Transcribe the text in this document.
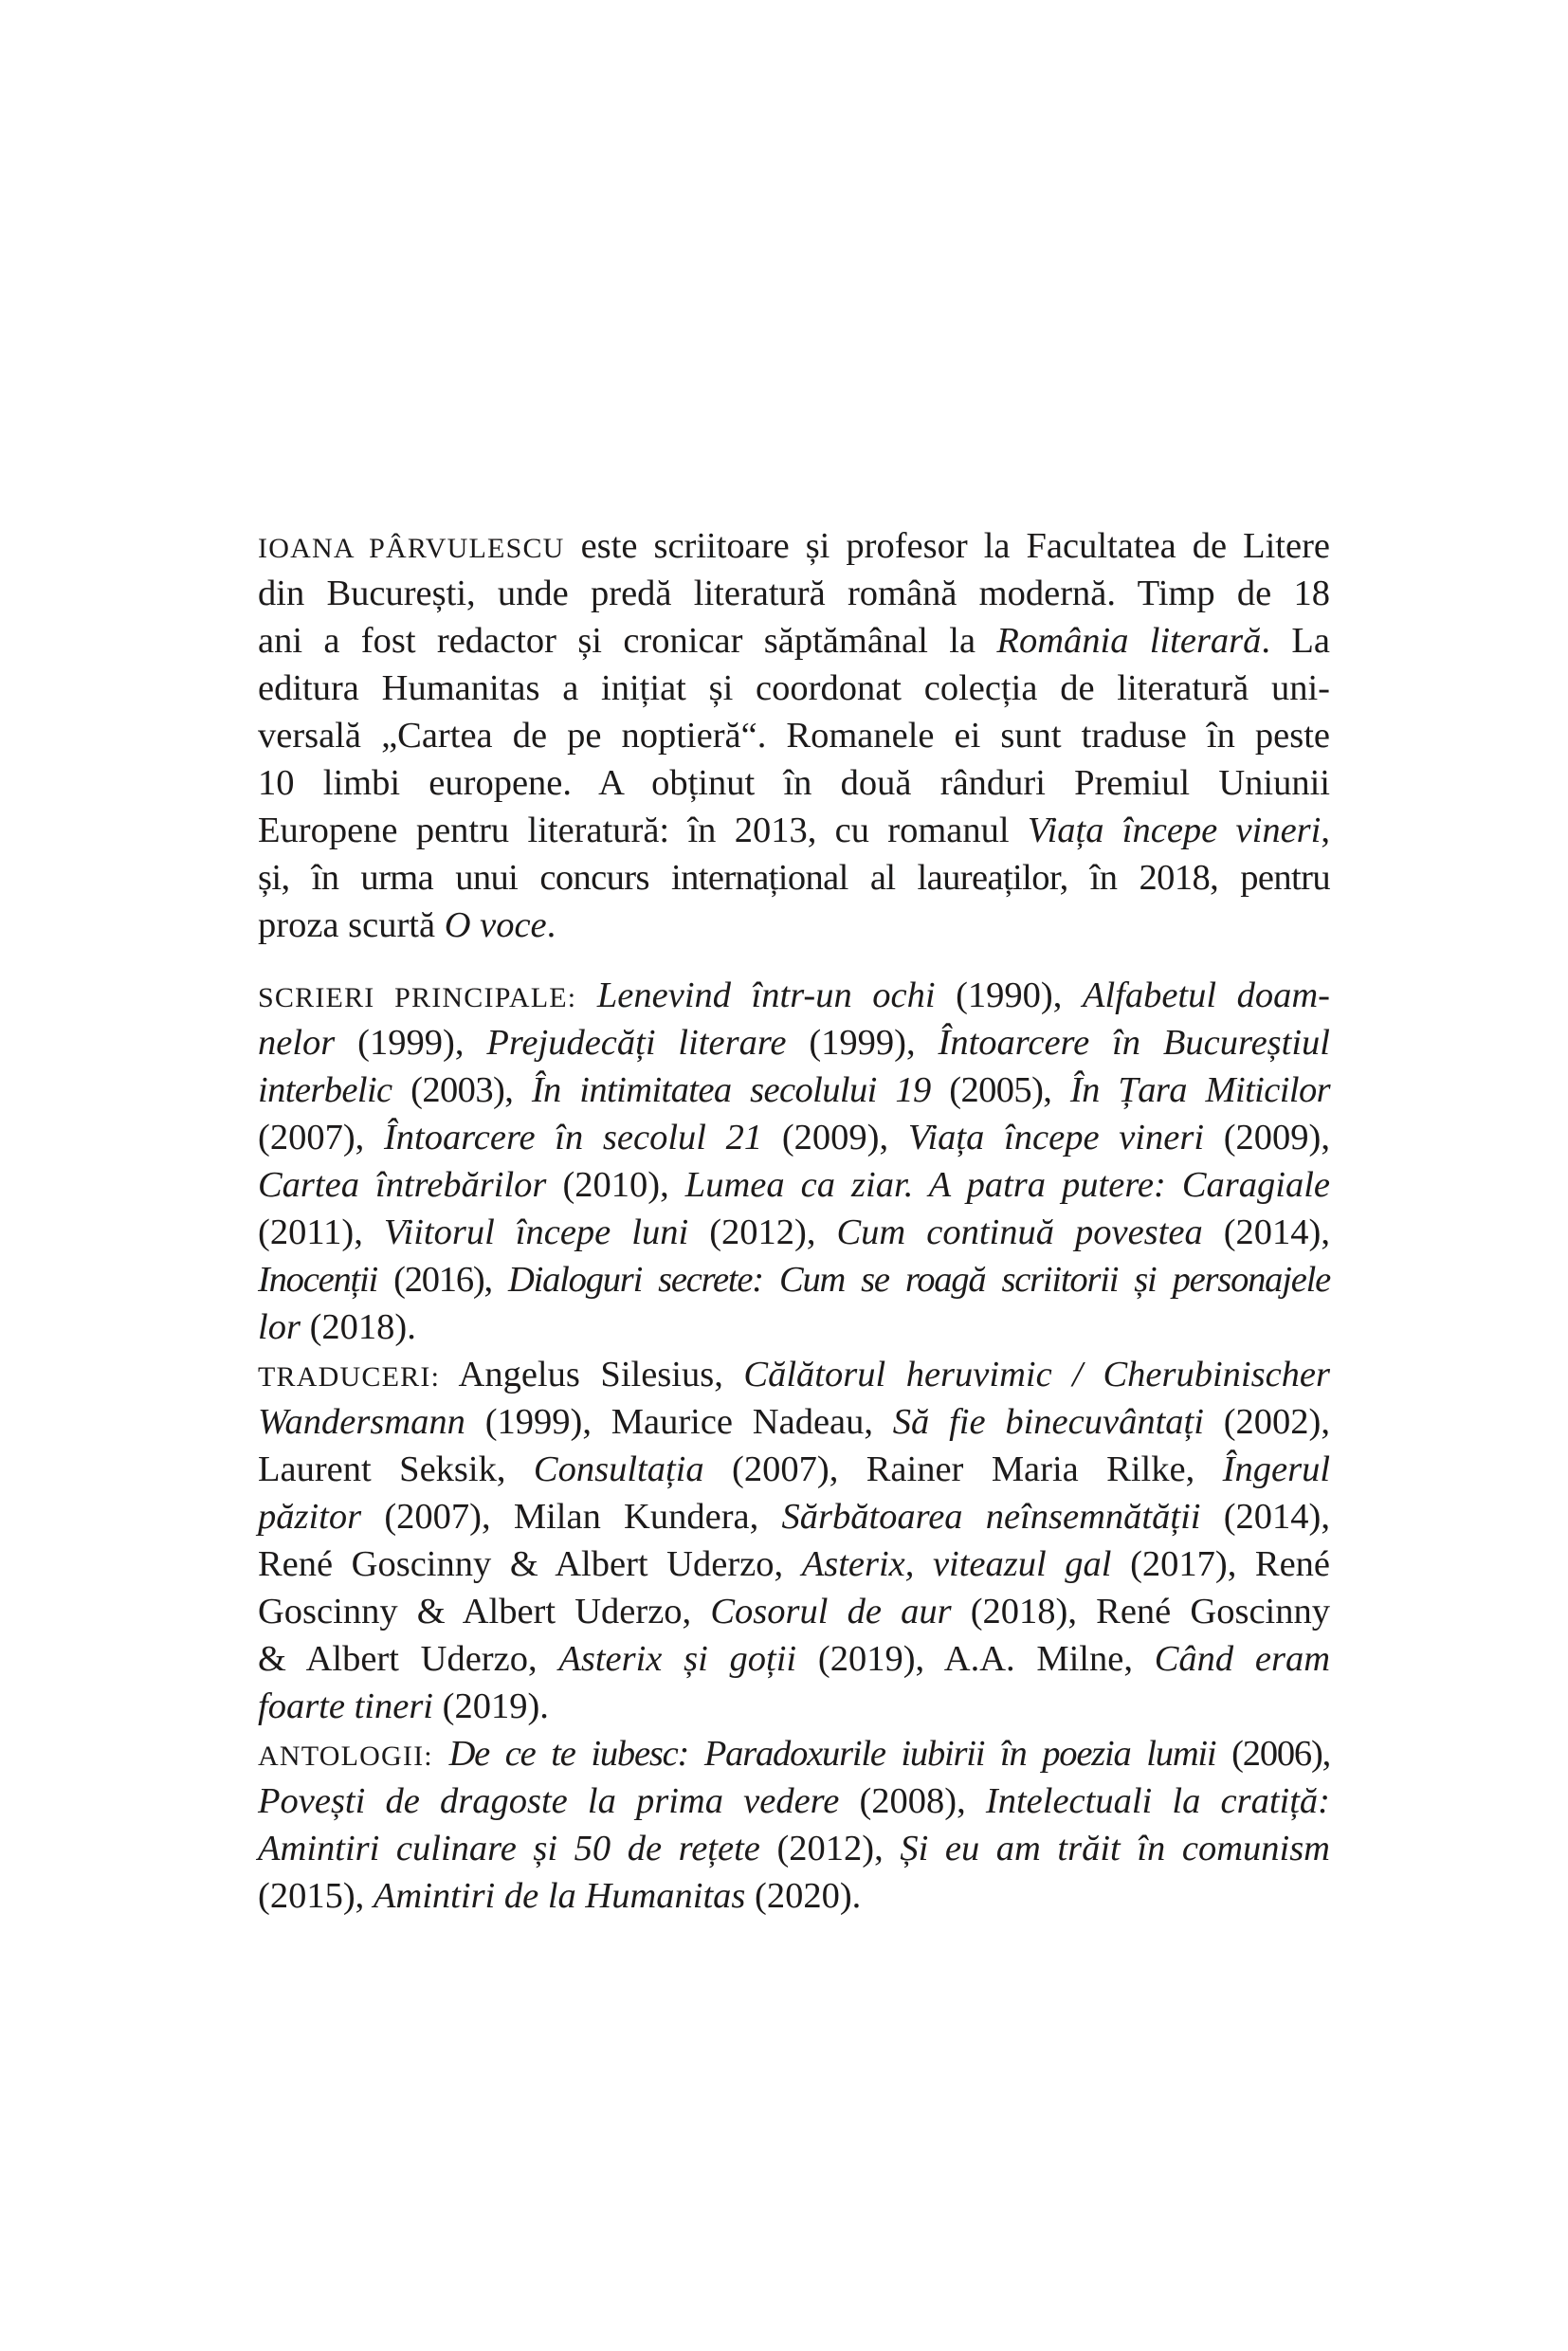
IOANA PÂRVULESCU este scriitoare și profesor la Facultatea de Litere
din București, unde predă literatură română modernă. Timp de 18
ani a fost redactor și cronicar săptămânal la România literară. La
editura Humanitas a inițiat și coordonat colecția de literatură uni-
versală „Cartea de pe noptieră“. Romanele ei sunt traduse în peste
10 limbi europene. A obținut în două rânduri Premiul Uniunii
Europene pentru literatură: în 2013, cu romanul Viața începe vineri,
și, în urma unui concurs internațional al laureaților, în 2018, pentru
proza scurtă O voce.
SCRIERI PRINCIPALE: Lenevind într-un ochi (1990), Alfabetul doam-
nelor (1999), Prejudecăți literare (1999), Întoarcere în Bucureștiul
interbelic (2003), În intimitatea secolului 19 (2005), În Țara Miticilor
(2007), Întoarcere în secolul 21 (2009), Viața începe vineri (2009),
Cartea întrebărilor (2010), Lumea ca ziar. A patra putere: Caragiale
(2011), Viitorul începe luni (2012), Cum continuă povestea (2014),
Inocenții (2016), Dialoguri secrete: Cum se roagă scriitorii și personajele
lor (2018).
TRADUCERI: Angelus Silesius, Călătorul heruvimic / Cherubinischer
Wandersmann (1999), Maurice Nadeau, Să fie binecuvântați (2002),
Laurent Seksik, Consultația (2007), Rainer Maria Rilke, Îngerul
păzitor (2007), Milan Kundera, Sărbătoarea neînsemnătății (2014),
René Goscinny & Albert Uderzo, Asterix, viteazul gal (2017), René
Goscinny & Albert Uderzo, Cosorul de aur (2018), René Goscinny
& Albert Uderzo, Asterix și goții (2019), A.A. Milne, Când eram
foarte tineri (2019).
ANTOLOGII: De ce te iubesc: Paradoxurile iubirii în poezia lumii (2006),
Povești de dragoste la prima vedere (2008), Intelectuali la cratiță:
Amintiri culinare și 50 de rețete (2012), Și eu am trăit în comunism
(2015), Amintiri de la Humanitas (2020).
